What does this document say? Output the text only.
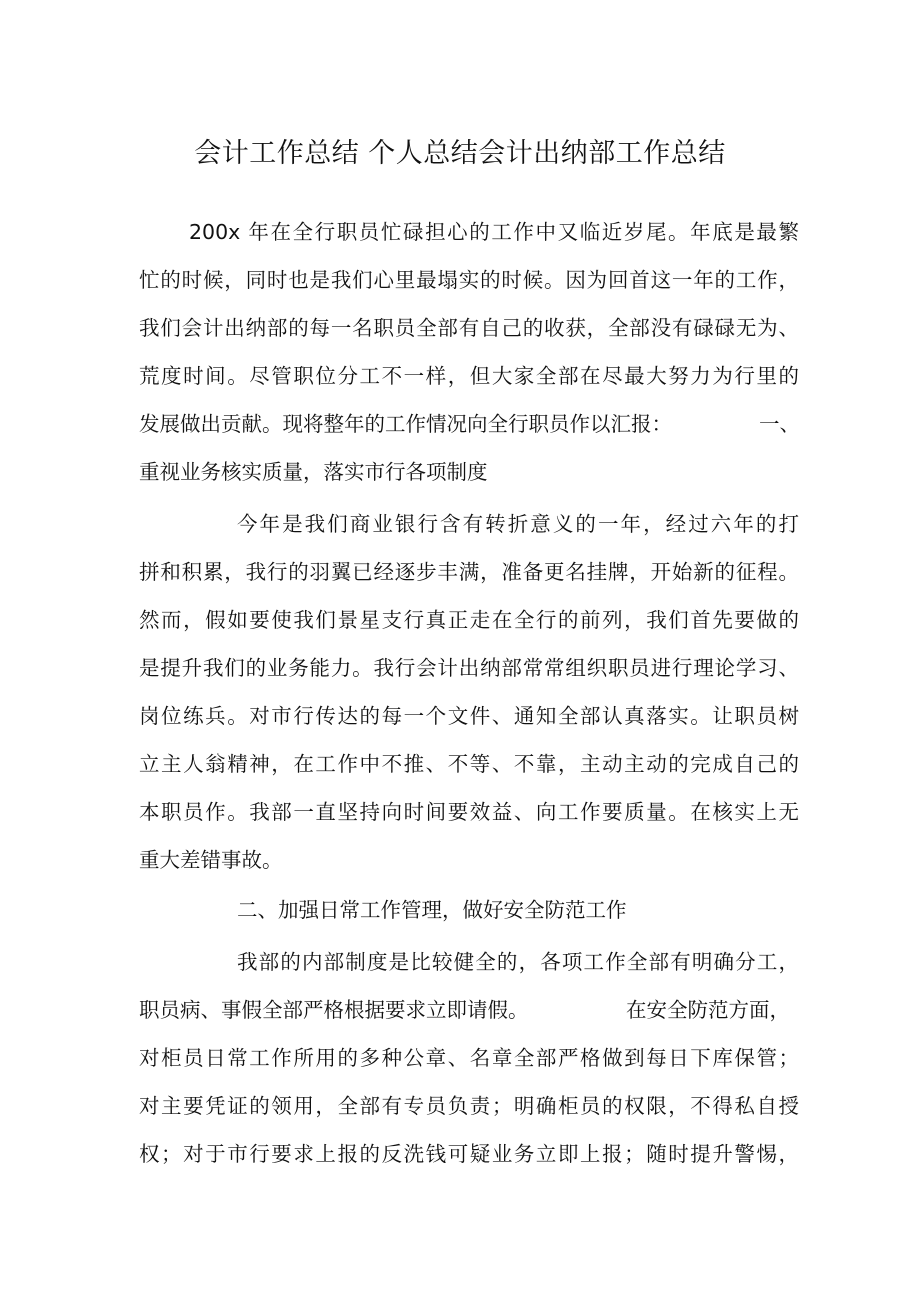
会计工作总结 个人总结会计出纳部工作总结
200x 年在全行职员忙碌担心的工作中又临近岁尾。年底是最繁
忙的时候，同时也是我们心里最塌实的时候。因为回首这一年的工作，
我们会计出纳部的每一名职员全部有自己的收获，全部没有碌碌无为、
荒度时间。尽管职位分工不一样，但大家全部在尽最大努力为行里的
发展做出贡献。现将整年的工作情况向全行职员作以汇报：	一、
重视业务核实质量，落实市行各项制度
今年是我们商业银行含有转折意义的一年，经过六年的打
拼和积累，我行的羽翼已经逐步丰满，准备更名挂牌，开始新的征程。
然而，假如要使我们景星支行真正走在全行的前列，我们首先要做的
是提升我们的业务能力。我行会计出纳部常常组织职员进行理论学习、
岗位练兵。对市行传达的每一个文件、通知全部认真落实。让职员树
立主人翁精神，在工作中不推、不等、不靠，主动主动的完成自己的
本职员作。我部一直坚持向时间要效益、向工作要质量。在核实上无
重大差错事故。
二、加强日常工作管理，做好安全防范工作
我部的内部制度是比较健全的，各项工作全部有明确分工，
职员病、事假全部严格根据要求立即请假。	在安全防范方面，
对柜员日常工作所用的多种公章、名章全部严格做到每日下库保管；
对主要凭证的领用，全部有专员负责；明确柜员的权限，不得私自授
权；对于市行要求上报的反洗钱可疑业务立即上报；随时提升警惕，
